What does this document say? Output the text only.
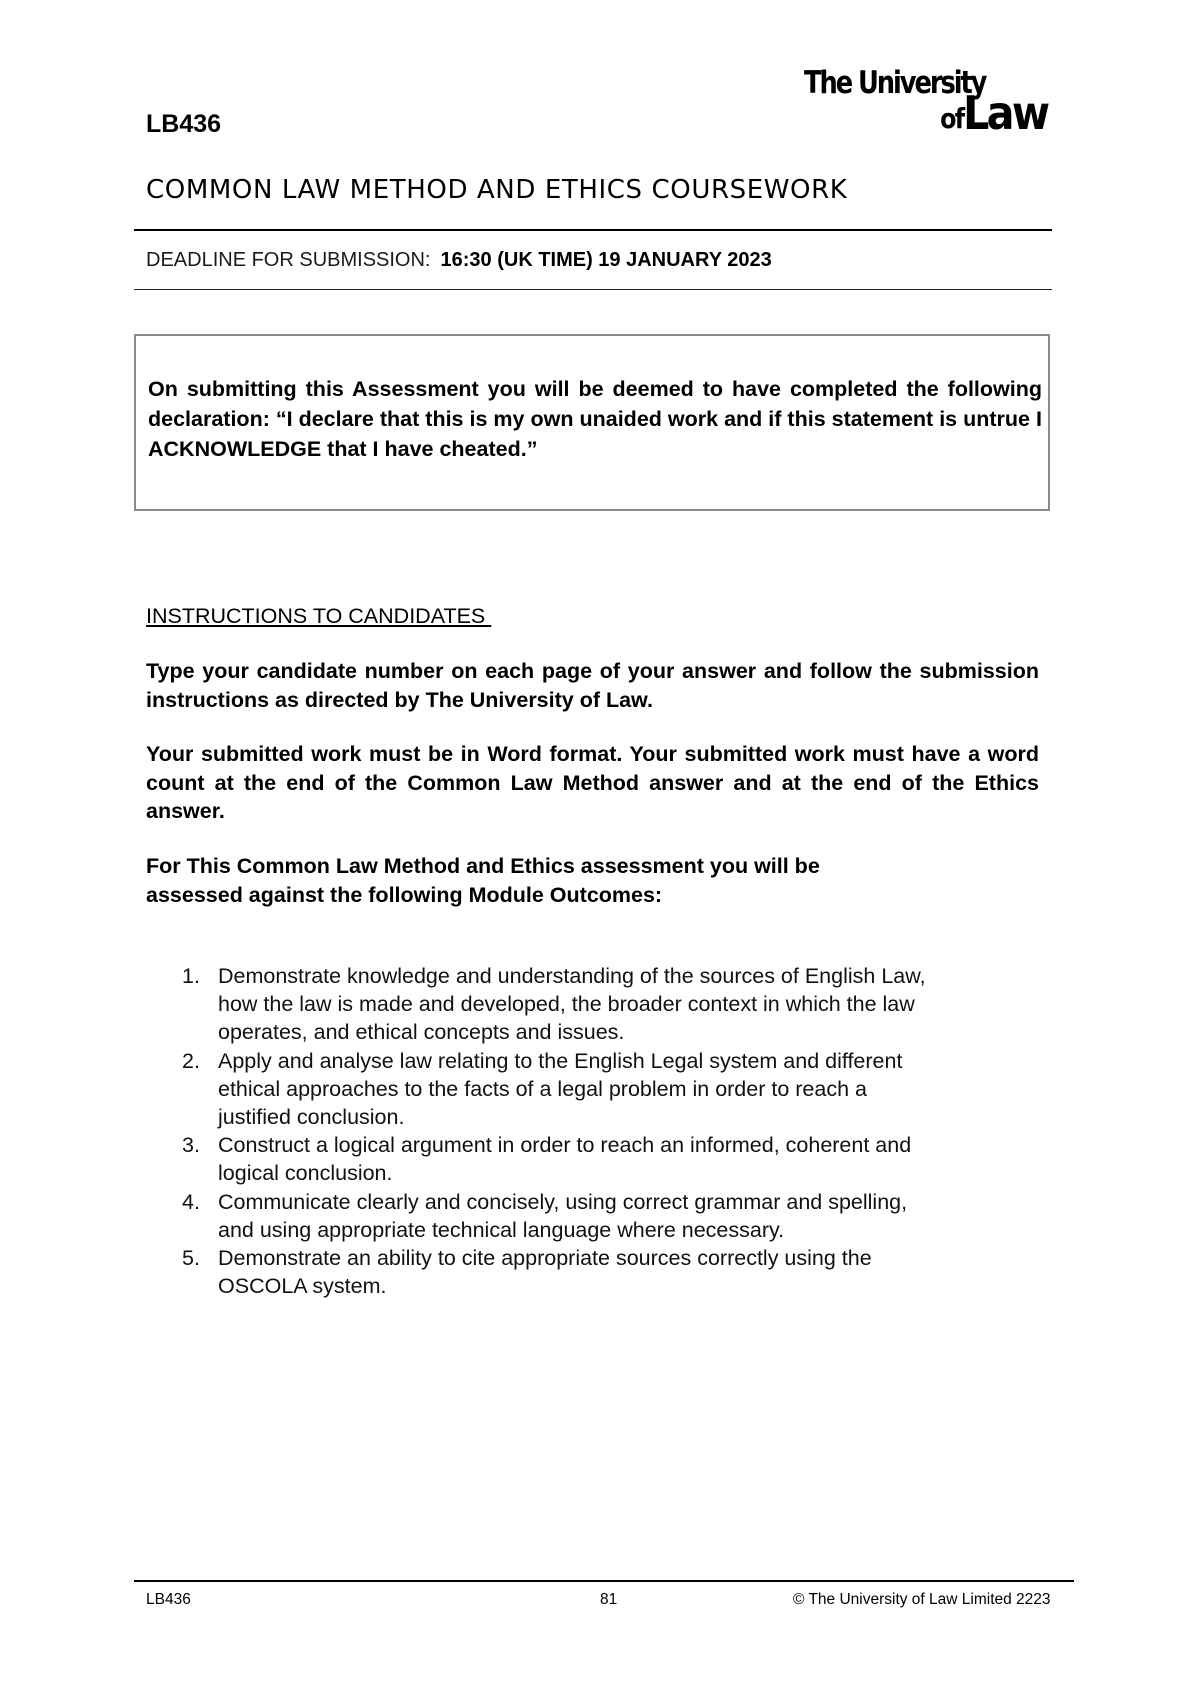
The University
ofLaw
LB436
COMMON LAW METHOD AND ETHICS COURSEWORK
DEADLINE FOR SUBMISSION: 16:30 (UK TIME) 19 JANUARY 2023

On submitting this Assessment you will be deemed to have completed the following declaration: “I declare that this is my own unaided work and if this statement is untrue I ACKNOWLEDGE that I have cheated.”

INSTRUCTIONS TO CANDIDATES

Type your candidate number on each page of your answer and follow the submission instructions as directed by The University of Law.

Your submitted work must be in Word format. Your submitted work must have a word count at the end of the Common Law Method answer and at the end of the Ethics answer.

For This Common Law Method and Ethics assessment you will be
assessed against the following Module Outcomes:

1. Demonstrate knowledge and understanding of the sources of English Law,
how the law is made and developed, the broader context in which the law
operates, and ethical concepts and issues.
2. Apply and analyse law relating to the English Legal system and different
ethical approaches to the facts of a legal problem in order to reach a
justified conclusion.
3. Construct a logical argument in order to reach an informed, coherent and
logical conclusion.
4. Communicate clearly and concisely, using correct grammar and spelling,
and using appropriate technical language where necessary.
5. Demonstrate an ability to cite appropriate sources correctly using the
OSCOLA system.
LB436	81	© The University of Law Limited 2223
